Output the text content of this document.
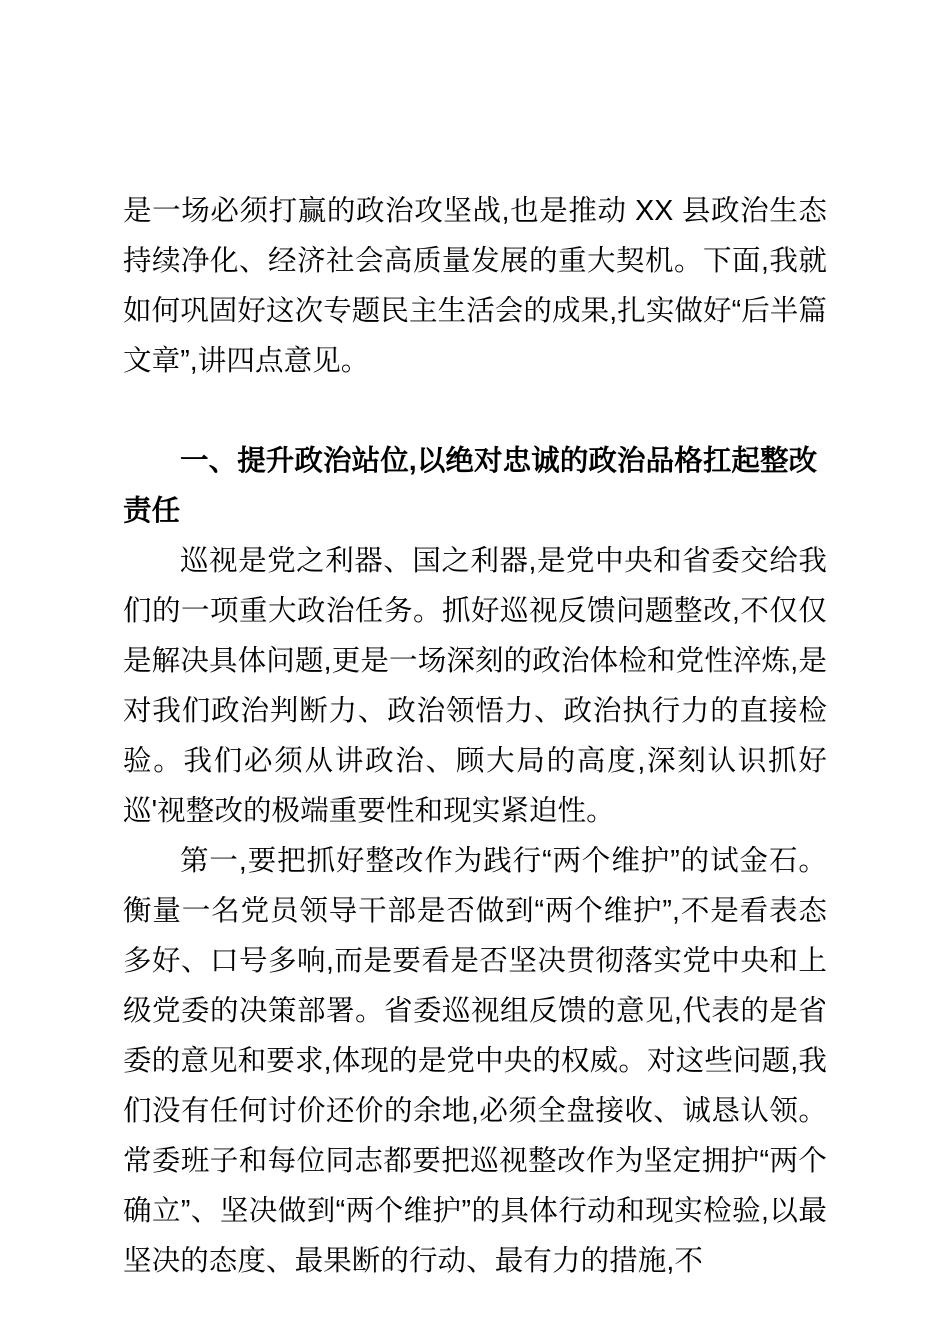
是一场必须打赢的政治攻坚战,也是推动 XX 县政治生态持续净化、经济社会高质量发展的重大契机。下面,我就如何巩固好这次专题民主生活会的成果,扎实做好“后半篇文章”,讲四点意见。

一、提升政治站位,以绝对忠诚的政治品格扛起整改责任

巡视是党之利器、国之利器,是党中央和省委交给我们的一项重大政治任务。抓好巡视反馈问题整改,不仅仅是解决具体问题,更是一场深刻的政治体检和党性淬炼,是对我们政治判断力、政治领悟力、政治执行力的直接检验。我们必须从讲政治、顾大局的高度,深刻认识抓好巡'视整改的极端重要性和现实紧迫性。

第一,要把抓好整改作为践行“两个维护”的试金石。衡量一名党员领导干部是否做到“两个维护”,不是看表态多好、口号多响,而是要看是否坚决贯彻落实党中央和上级党委的决策部署。省委巡视组反馈的意见,代表的是省委的意见和要求,体现的是党中央的权威。对这些问题,我们没有任何讨价还价的余地,必须全盘接收、诚恳认领。常委班子和每位同志都要把巡视整改作为坚定拥护“两个确立”、坚决做到“两个维护”的具体行动和现实检验,以最坚决的态度、最果断的行动、最有力的措施,不
